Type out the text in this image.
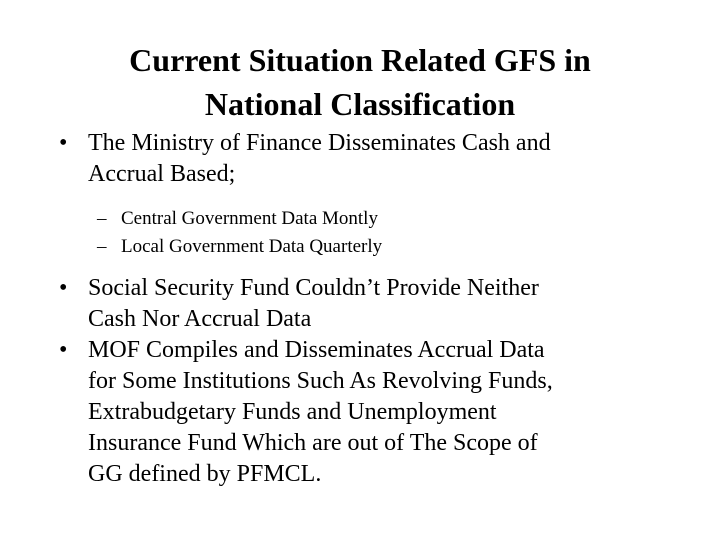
Current Situation Related GFS in
National Classification
• The Ministry of Finance Disseminates Cash and
Accrual Based;
– Central Government Data Montly
– Local Government Data Quarterly
• Social Security Fund Couldn’t Provide Neither
Cash Nor Accrual Data
• MOF Compiles and Disseminates Accrual Data
for Some Institutions Such As Revolving Funds,
Extrabudgetary Funds and Unemployment
Insurance Fund Which are out of The Scope of
GG defined by PFMCL.
